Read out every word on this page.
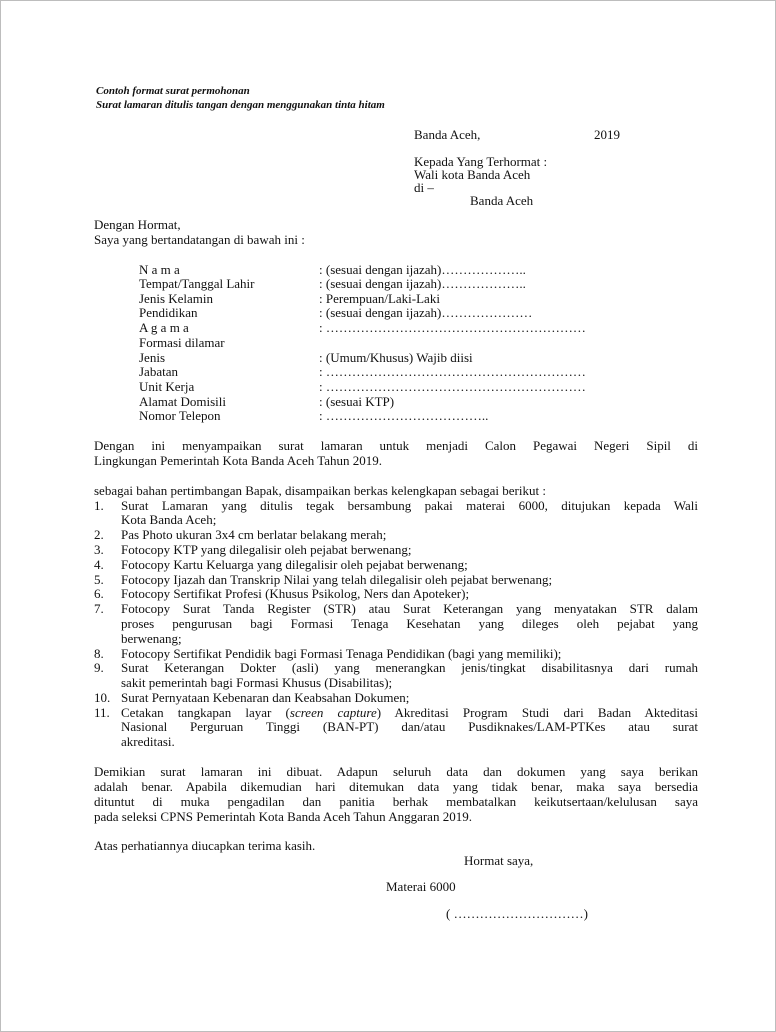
Contoh format surat permohonan
Surat lamaran ditulis tangan dengan menggunakan tinta hitam
Banda Aceh,	2019
Kepada Yang Terhormat :
Wali kota Banda Aceh
di –
Banda Aceh
Dengan Hormat,
Saya yang bertandatangan di bawah ini :
N a m a	: (sesuai dengan ijazah)………………..
Tempat/Tanggal Lahir	: (sesuai dengan ijazah)………………..
Jenis Kelamin	: Perempuan/Laki-Laki
Pendidikan	: (sesuai dengan ijazah)…………………
A g a m a	: ……………………………………………………
Formasi dilamar
Jenis	: (Umum/Khusus) Wajib diisi
Jabatan	: ……………………………………………………
Unit Kerja	: ……………………………………………………
Alamat Domisili	: (sesuai KTP)
Nomor Telepon	: ………………………………..
Dengan ini menyampaikan surat lamaran untuk menjadi Calon Pegawai Negeri Sipil di
Lingkungan Pemerintah Kota Banda Aceh Tahun 2019.
sebagai bahan pertimbangan Bapak, disampaikan berkas kelengkapan sebagai berikut :
1. Surat Lamaran yang ditulis tegak bersambung pakai materai 6000, ditujukan kepada Wali
Kota Banda Aceh;
2. Pas Photo ukuran 3x4 cm berlatar belakang merah;
3. Fotocopy KTP yang dilegalisir oleh pejabat berwenang;
4. Fotocopy Kartu Keluarga yang dilegalisir oleh pejabat berwenang;
5. Fotocopy Ijazah dan Transkrip Nilai yang telah dilegalisir oleh pejabat berwenang;
6. Fotocopy Sertifikat Profesi (Khusus Psikolog, Ners dan Apoteker);
7. Fotocopy Surat Tanda Register (STR) atau Surat Keterangan yang menyatakan STR dalam
proses pengurusan bagi Formasi Tenaga Kesehatan yang dileges oleh pejabat yang
berwenang;
8. Fotocopy Sertifikat Pendidik bagi Formasi Tenaga Pendidikan (bagi yang memiliki);
9. Surat Keterangan Dokter (asli) yang menerangkan jenis/tingkat disabilitasnya dari rumah
sakit pemerintah bagi Formasi Khusus (Disabilitas);
10. Surat Pernyataan Kebenaran dan Keabsahan Dokumen;
11. Cetakan tangkapan layar (screen capture) Akreditasi Program Studi dari Badan Akteditasi
Nasional Perguruan Tinggi (BAN-PT) dan/atau Pusdiknakes/LAM-PTKes atau surat
akreditasi.
Demikian surat lamaran ini dibuat. Adapun seluruh data dan dokumen yang saya berikan
adalah benar. Apabila dikemudian hari ditemukan data yang tidak benar, maka saya bersedia
dituntut di muka pengadilan dan panitia berhak membatalkan keikutsertaan/kelulusan saya
pada seleksi CPNS Pemerintah Kota Banda Aceh Tahun Anggaran 2019.
Atas perhatiannya diucapkan terima kasih.
Hormat saya,
Materai 6000
( …………………………)
